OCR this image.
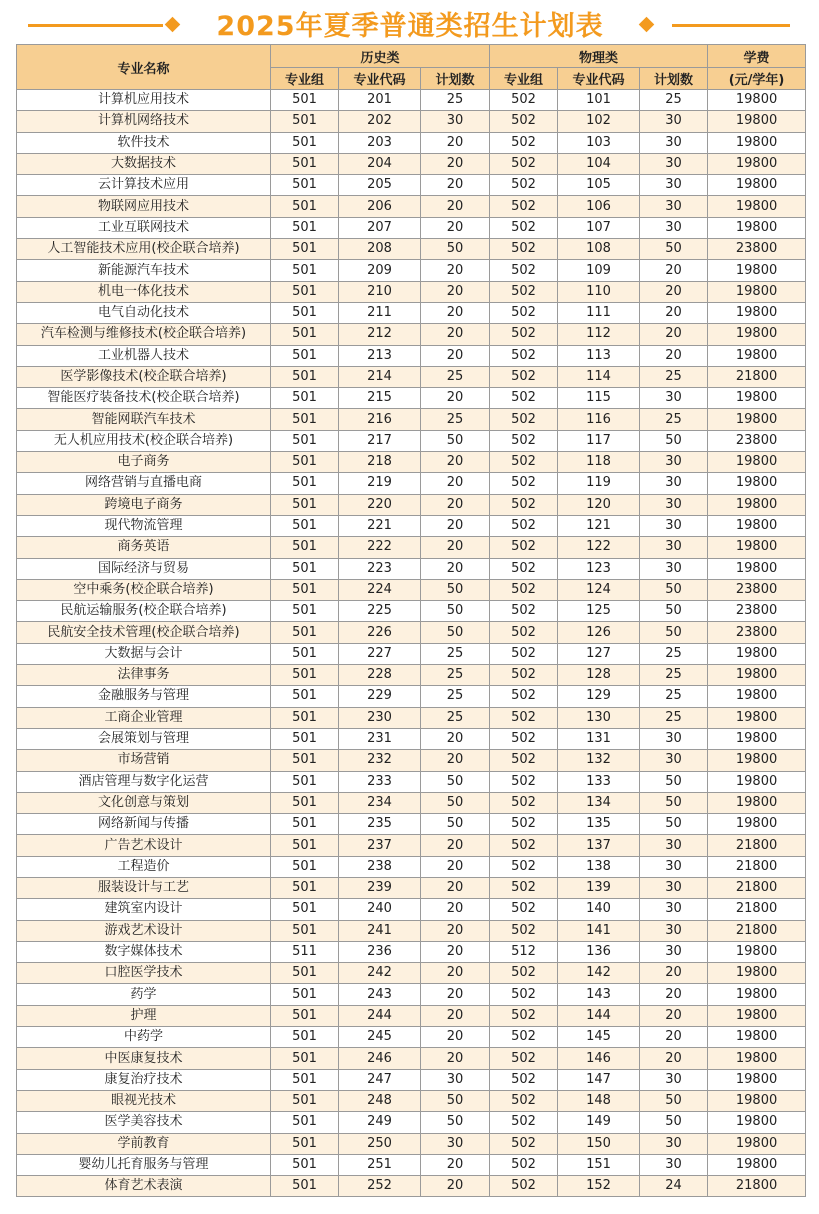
2025年夏季普通类招生计划表
专业名称	历史类			物理类			学费
	专业组	专业代码	计划数	专业组	专业代码	计划数	(元/学年)
计算机应用技术	501	201	25	502	101	25	19800
计算机网络技术	501	202	30	502	102	30	19800
软件技术	501	203	20	502	103	30	19800
大数据技术	501	204	20	502	104	30	19800
云计算技术应用	501	205	20	502	105	30	19800
物联网应用技术	501	206	20	502	106	30	19800
工业互联网技术	501	207	20	502	107	30	19800
人工智能技术应用(校企联合培养)	501	208	50	502	108	50	23800
新能源汽车技术	501	209	20	502	109	20	19800
机电一体化技术	501	210	20	502	110	20	19800
电气自动化技术	501	211	20	502	111	20	19800
汽车检测与维修技术(校企联合培养)	501	212	20	502	112	20	19800
工业机器人技术	501	213	20	502	113	20	19800
医学影像技术(校企联合培养)	501	214	25	502	114	25	21800
智能医疗装备技术(校企联合培养)	501	215	20	502	115	30	19800
智能网联汽车技术	501	216	25	502	116	25	19800
无人机应用技术(校企联合培养)	501	217	50	502	117	50	23800
电子商务	501	218	20	502	118	30	19800
网络营销与直播电商	501	219	20	502	119	30	19800
跨境电子商务	501	220	20	502	120	30	19800
现代物流管理	501	221	20	502	121	30	19800
商务英语	501	222	20	502	122	30	19800
国际经济与贸易	501	223	20	502	123	30	19800
空中乘务(校企联合培养)	501	224	50	502	124	50	23800
民航运输服务(校企联合培养)	501	225	50	502	125	50	23800
民航安全技术管理(校企联合培养)	501	226	50	502	126	50	23800
大数据与会计	501	227	25	502	127	25	19800
法律事务	501	228	25	502	128	25	19800
金融服务与管理	501	229	25	502	129	25	19800
工商企业管理	501	230	25	502	130	25	19800
会展策划与管理	501	231	20	502	131	30	19800
市场营销	501	232	20	502	132	30	19800
酒店管理与数字化运营	501	233	50	502	133	50	19800
文化创意与策划	501	234	50	502	134	50	19800
网络新闻与传播	501	235	50	502	135	50	19800
广告艺术设计	501	237	20	502	137	30	21800
工程造价	501	238	20	502	138	30	21800
服装设计与工艺	501	239	20	502	139	30	21800
建筑室内设计	501	240	20	502	140	30	21800
游戏艺术设计	501	241	20	502	141	30	21800
数字媒体技术	511	236	20	512	136	30	19800
口腔医学技术	501	242	20	502	142	20	19800
药学	501	243	20	502	143	20	19800
护理	501	244	20	502	144	20	19800
中药学	501	245	20	502	145	20	19800
中医康复技术	501	246	20	502	146	20	19800
康复治疗技术	501	247	30	502	147	30	19800
眼视光技术	501	248	50	502	148	50	19800
医学美容技术	501	249	50	502	149	50	19800
学前教育	501	250	30	502	150	30	19800
婴幼儿托育服务与管理	501	251	20	502	151	30	19800
体育艺术表演	501	252	20	502	152	24	21800
